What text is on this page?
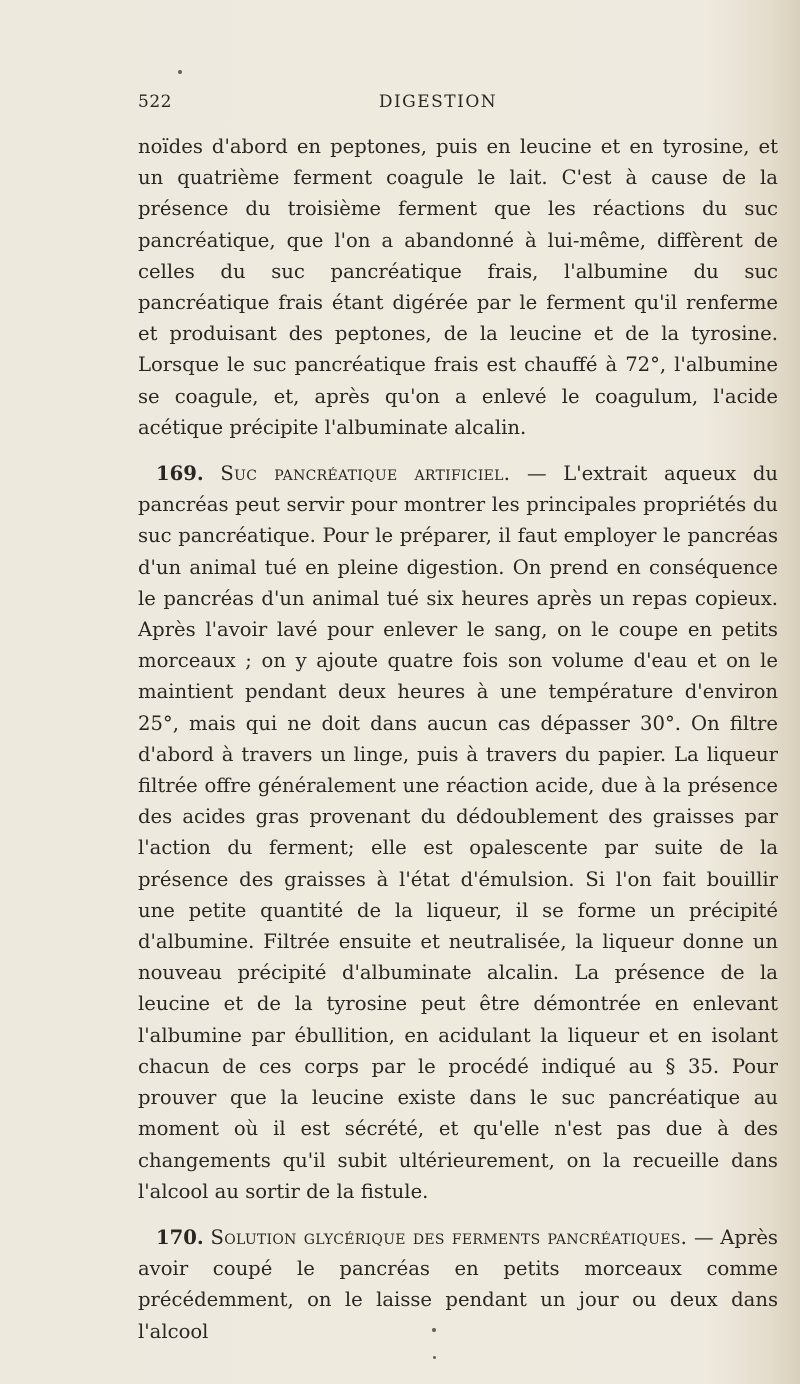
522	DIGESTION

noïdes d'abord en peptones, puis en leucine et en tyrosine, et un quatrième ferment coagule le lait. C'est à cause de la présence du troisième ferment que les réactions du suc pancréatique, que l'on a abandonné à lui-même, diffèrent de celles du suc pancréatique frais, l'albumine du suc pancréatique frais étant digérée par le ferment qu'il renferme et produisant des peptones, de la leucine et de la tyrosine. Lorsque le suc pancréatique frais est chauffé à 72°, l'albumine se coagule, et, après qu'on a enlevé le coagulum, l'acide acétique précipite l'albuminate alcalin.

169. Suc pancréatique artificiel. — L'extrait aqueux du pancréas peut servir pour montrer les principales propriétés du suc pancréatique. Pour le préparer, il faut employer le pancréas d'un animal tué en pleine digestion. On prend en conséquence le pancréas d'un animal tué six heures après un repas copieux. Après l'avoir lavé pour enlever le sang, on le coupe en petits morceaux ; on y ajoute quatre fois son volume d'eau et on le maintient pendant deux heures à une température d'environ 25°, mais qui ne doit dans aucun cas dépasser 30°. On filtre d'abord à travers un linge, puis à travers du papier. La liqueur filtrée offre généralement une réaction acide, due à la présence des acides gras provenant du dédoublement des graisses par l'action du ferment; elle est opalescente par suite de la présence des graisses à l'état d'émulsion. Si l'on fait bouillir une petite quantité de la liqueur, il se forme un précipité d'albumine. Filtrée ensuite et neutralisée, la liqueur donne un nouveau précipité d'albuminate alcalin. La présence de la leucine et de la tyrosine peut être démontrée en enlevant l'albumine par ébullition, en acidulant la liqueur et en isolant chacun de ces corps par le procédé indiqué au § 35. Pour prouver que la leucine existe dans le suc pancréatique au moment où il est sécrété, et qu'elle n'est pas due à des changements qu'il subit ultérieurement, on la recueille dans l'alcool au sortir de la fistule.

170. Solution glycérique des ferments pancréatiques. — Après avoir coupé le pancréas en petits morceaux comme précédemment, on le laisse pendant un jour ou deux dans l'alcool
